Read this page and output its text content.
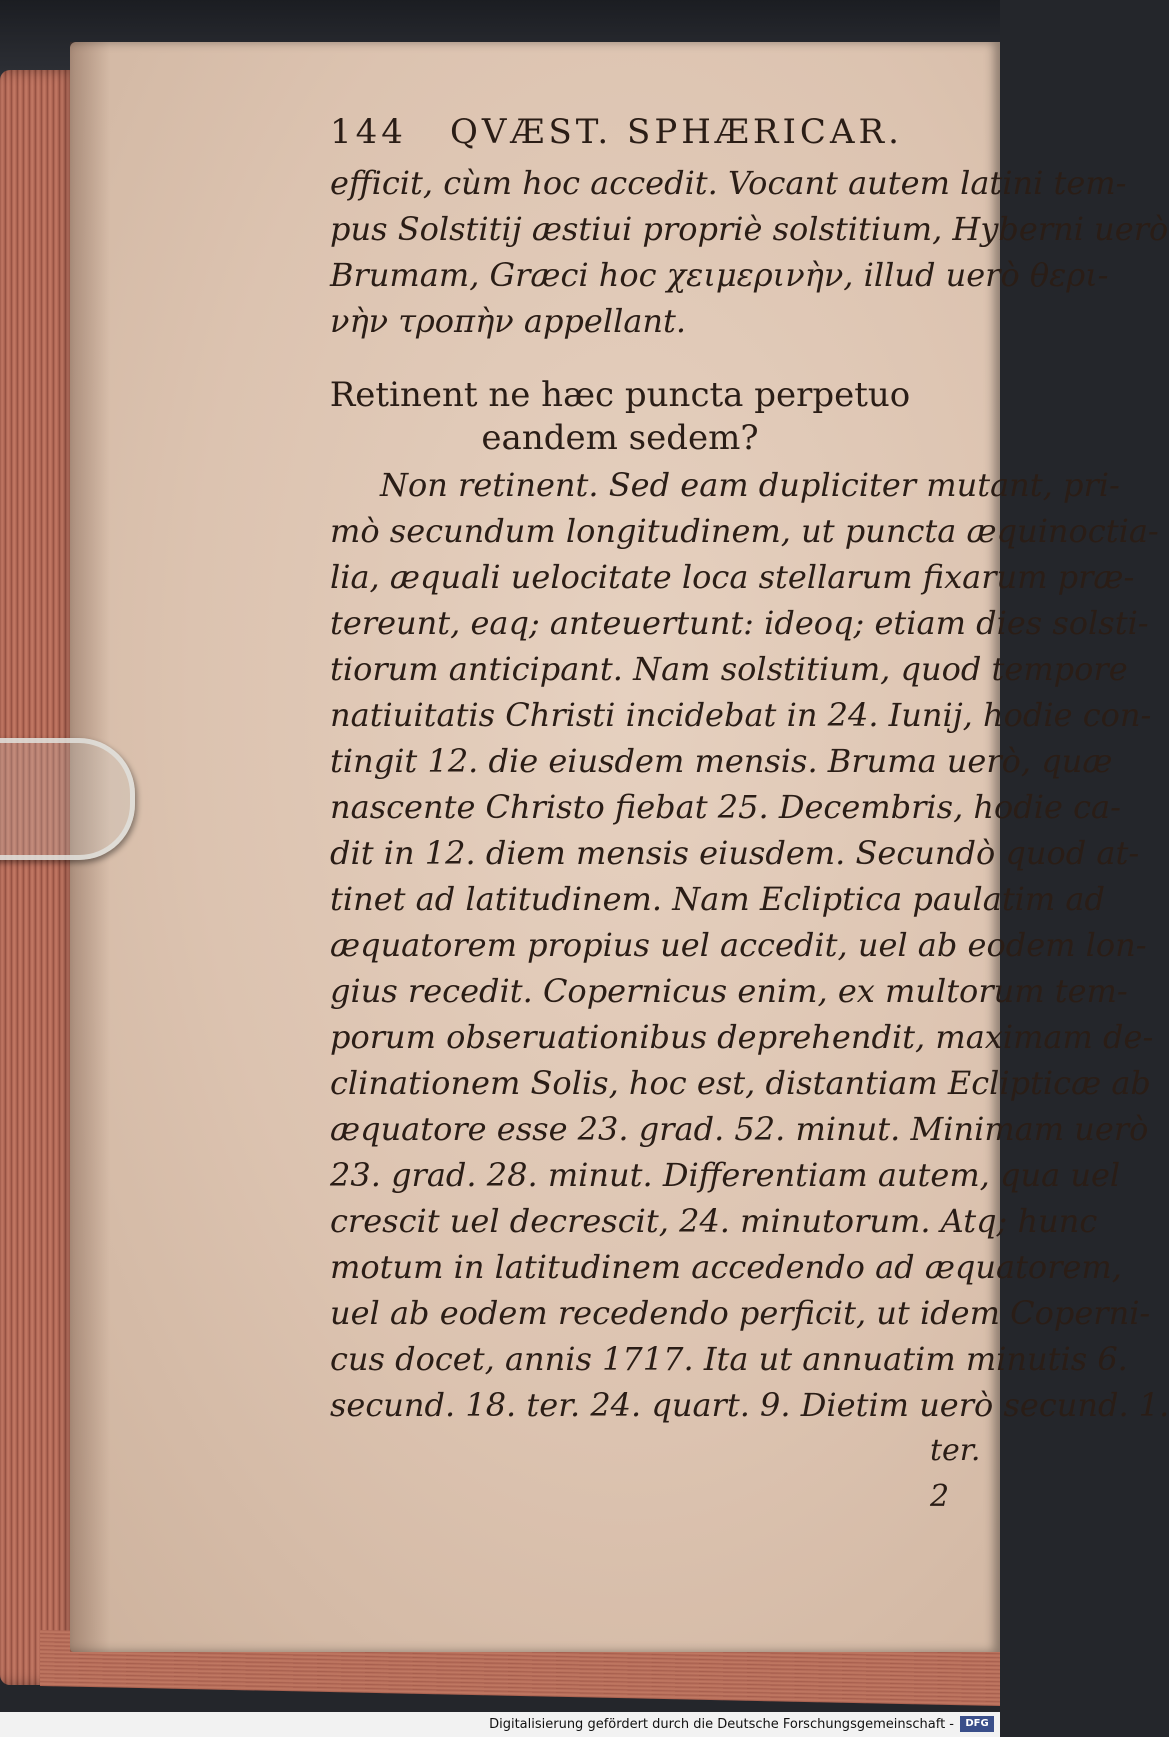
144 QVÆST. SPHÆRICAR.
efficit, cùm hoc accedit. Vocant autem latini tem-
pus Solstitij æstiui propriè solstitium, Hyberni uerò
Brumam, Græci hoc χειμερινὴν, illud uerò θερι-
νὴν τροπὴν appellant.
Retinent ne hæc puncta perpetuo
eandem sedem?
Non retinent. Sed eam dupliciter mutant, pri-
mò secundum longitudinem, ut puncta æquinoctia-
lia, æquali uelocitate loca stellarum fixarum præ-
tereunt, eaq; anteuertunt: ideoq; etiam dies solsti-
tiorum anticipant. Nam solstitium, quod tempore
natiuitatis Christi incidebat in 24. Iunij, hodie con-
tingit 12. die eiusdem mensis. Bruma uerò, quæ
nascente Christo fiebat 25. Decembris, hodie ca-
dit in 12. diem mensis eiusdem. Secundò quod at-
tinet ad latitudinem. Nam Ecliptica paulatim ad
æquatorem propius uel accedit, uel ab eodem lon-
gius recedit. Copernicus enim, ex multorum tem-
porum obseruationibus deprehendit, maximam de-
clinationem Solis, hoc est, distantiam Eclipticæ ab
æquatore esse 23. grad. 52. minut. Minimam uerò
23. grad. 28. minut. Differentiam autem, qua uel
crescit uel decrescit, 24. minutorum. Atq; hunc
motum in latitudinem accedendo ad æquatorem,
uel ab eodem recedendo perficit, ut idem Coperni-
cus docet, annis 1717. Ita ut annuatim minutis 6.
secund. 18. ter. 24. quart. 9. Dietim uerò secund. 1.
ter. 2
Digitalisierung gefördert durch die Deutsche Forschungsgemeinschaft -	DFG
